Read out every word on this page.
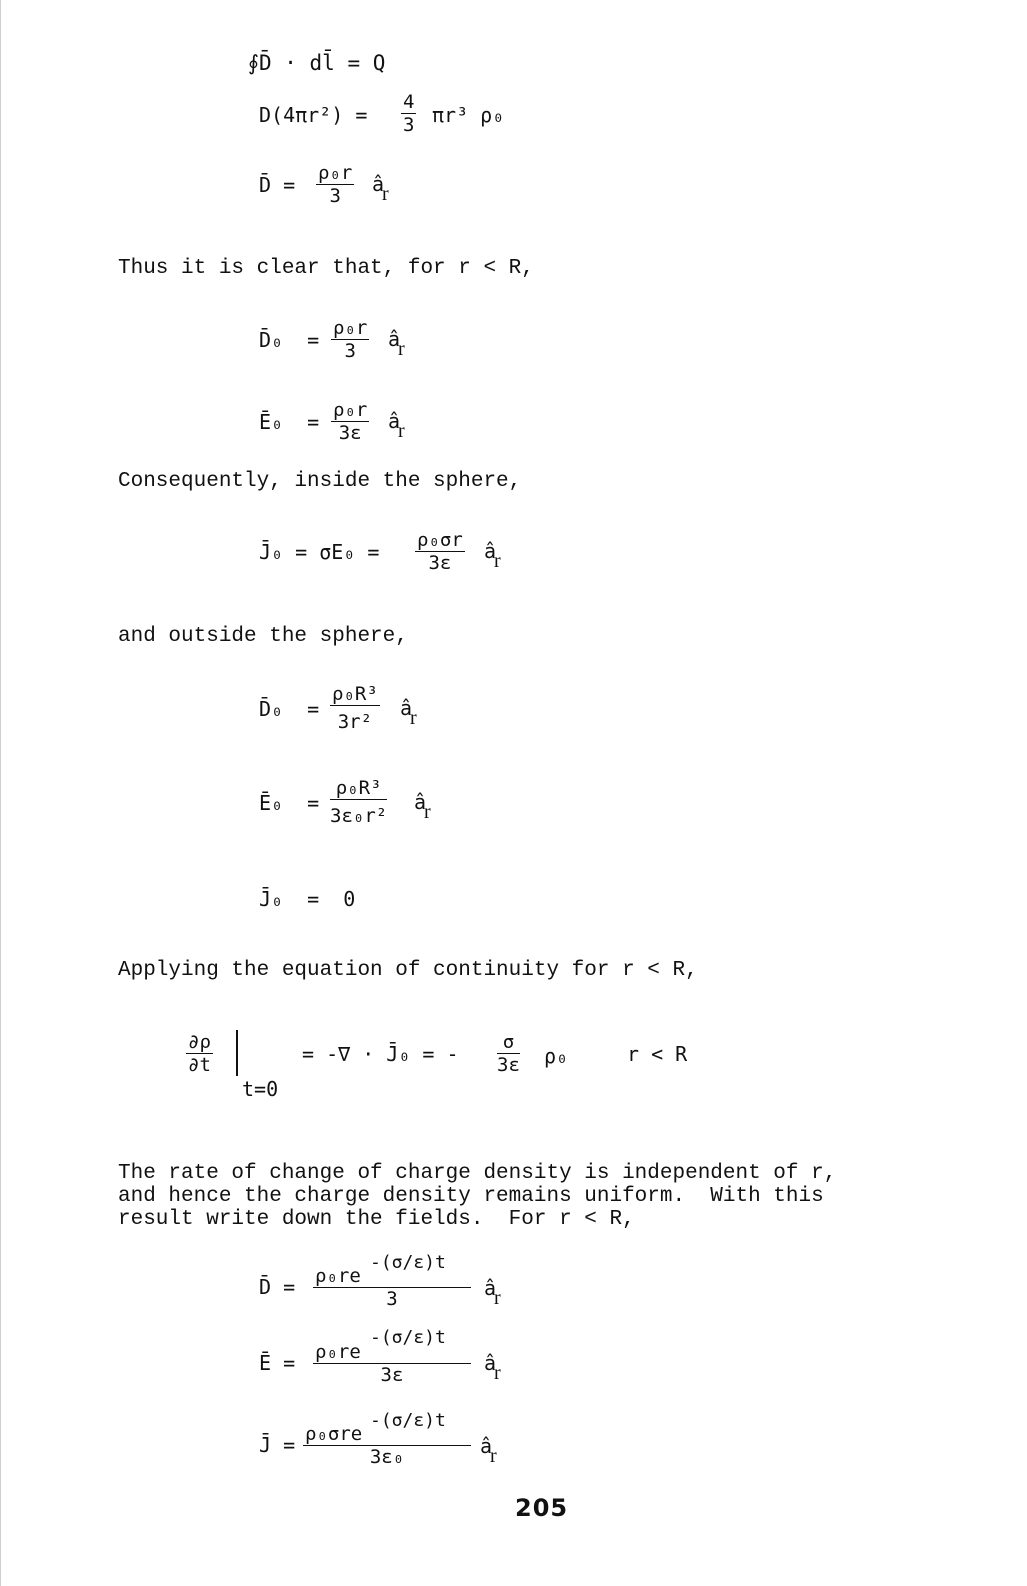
∮D̄ · dl̄ = Q
$D(4\pi r^2) = \frac{4}{3} \pi r^3$ ρ₀
D̄ = $\frac{\text{ρ₀r}}{3}$ âr
Thus it is clear that, for r < R,
D̄₀  = $\frac{\text{ρ₀r}}{3}$ âr
Ē₀  = $\frac{\text{ρ₀r}}{3\varepsilon}$ âr
Consequently, inside the sphere,
J̄₀ = $\sigma E_0 = \frac{\text{ρ₀σr}}{3\varepsilon}$ âr
and outside the sphere,
D̄₀  = $\frac{\text{ρ₀R³}}{\text{3r²}}$ âr
Ē₀  = $\frac{\text{ρ₀R³}}{\text{3ε₀r²}}$ âr
J̄₀  =  0
Applying the equation of continuity for r < R,
$\frac{\partial\rho}{\partial t}$
t=0
= -∇ · J̄₀ = - $\frac{\sigma}{3\varepsilon} \rho_0$	r < R
The rate of change of charge density is independent of r,
and hence the charge density remains uniform.  With this
result write down the fields.  For r < R,
D̄ =
-(σ/ε)t
$\frac{\text{ρ₀re}}{3}$ âr
Ē =
-(σ/ε)t
$\frac{\text{ρ₀re}}{3\varepsilon}$ âr
J̄ =
-(σ/ε)t
ρ₀σre
3ε₀	âr
205
